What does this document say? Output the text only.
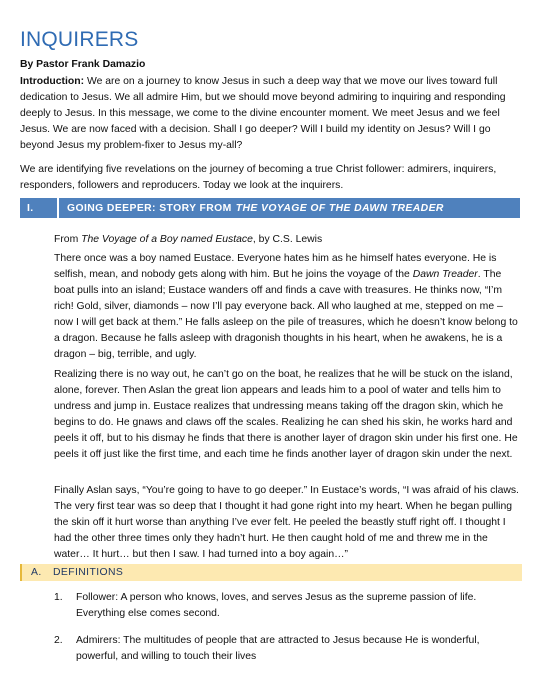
INQUIRERS
By Pastor Frank Damazio

Introduction: We are on a journey to know Jesus in such a deep way that we move our lives toward full dedication to Jesus. We all admire Him, but we should move beyond admiring to inquiring and responding deeply to Jesus. In this message, we come to the divine encounter moment. We meet Jesus and we feel Jesus. We are now faced with a decision. Shall I go deeper? Will I build my identity on Jesus? Will I go beyond Jesus my problem-fixer to Jesus my-all?

We are identifying five revelations on the journey of becoming a true Christ follower: admirers, inquirers, responders, followers and reproducers. Today we look at the inquirers.

I.	GOING DEEPER: STORY FROM THE VOYAGE OF THE DAWN TREADER
From The Voyage of a Boy named Eustace, by C.S. Lewis

There once was a boy named Eustace. Everyone hates him as he himself hates everyone. He is selfish, mean, and nobody gets along with him. But he joins the voyage of the Dawn Treader. The boat pulls into an island; Eustace wanders off and finds a cave with treasures. He thinks now, “I’m rich! Gold, silver, diamonds – now I’ll pay everyone back. All who laughed at me, stepped on me – now I will get back at them.” He falls asleep on the pile of treasures, which he doesn’t know belong to a dragon. Because he falls asleep with dragonish thoughts in his heart, when he awakens, he is a dragon – big, terrible, and ugly.

Realizing there is no way out, he can’t go on the boat, he realizes that he will be stuck on the island, alone, forever. Then Aslan the great lion appears and leads him to a pool of water and tells him to undress and jump in. Eustace realizes that undressing means taking off the dragon skin, which he begins to do. He gnaws and claws off the scales. Realizing he can shed his skin, he works hard and peels it off, but to his dismay he finds that there is another layer of dragon skin under his first one. He peels it off just like the first time, and each time he finds another layer of dragon skin under the next.

Finally Aslan says, “You’re going to have to go deeper.” In Eustace’s words, “I was afraid of his claws. The very first tear was so deep that I thought it had gone right into my heart. When he began pulling the skin off it hurt worse than anything I’ve ever felt. He peeled the beastly stuff right off. I thought I had the other three times only they hadn’t hurt. He then caught hold of me and threw me in the water… It hurt… but then I saw. I had turned into a boy again…”

A.	DEFINITIONS
1.	Follower: A person who knows, loves, and serves Jesus as the supreme passion of life. Everything else comes second.
2.	Admirers: The multitudes of people that are attracted to Jesus because He is wonderful, powerful, and willing to touch their lives
